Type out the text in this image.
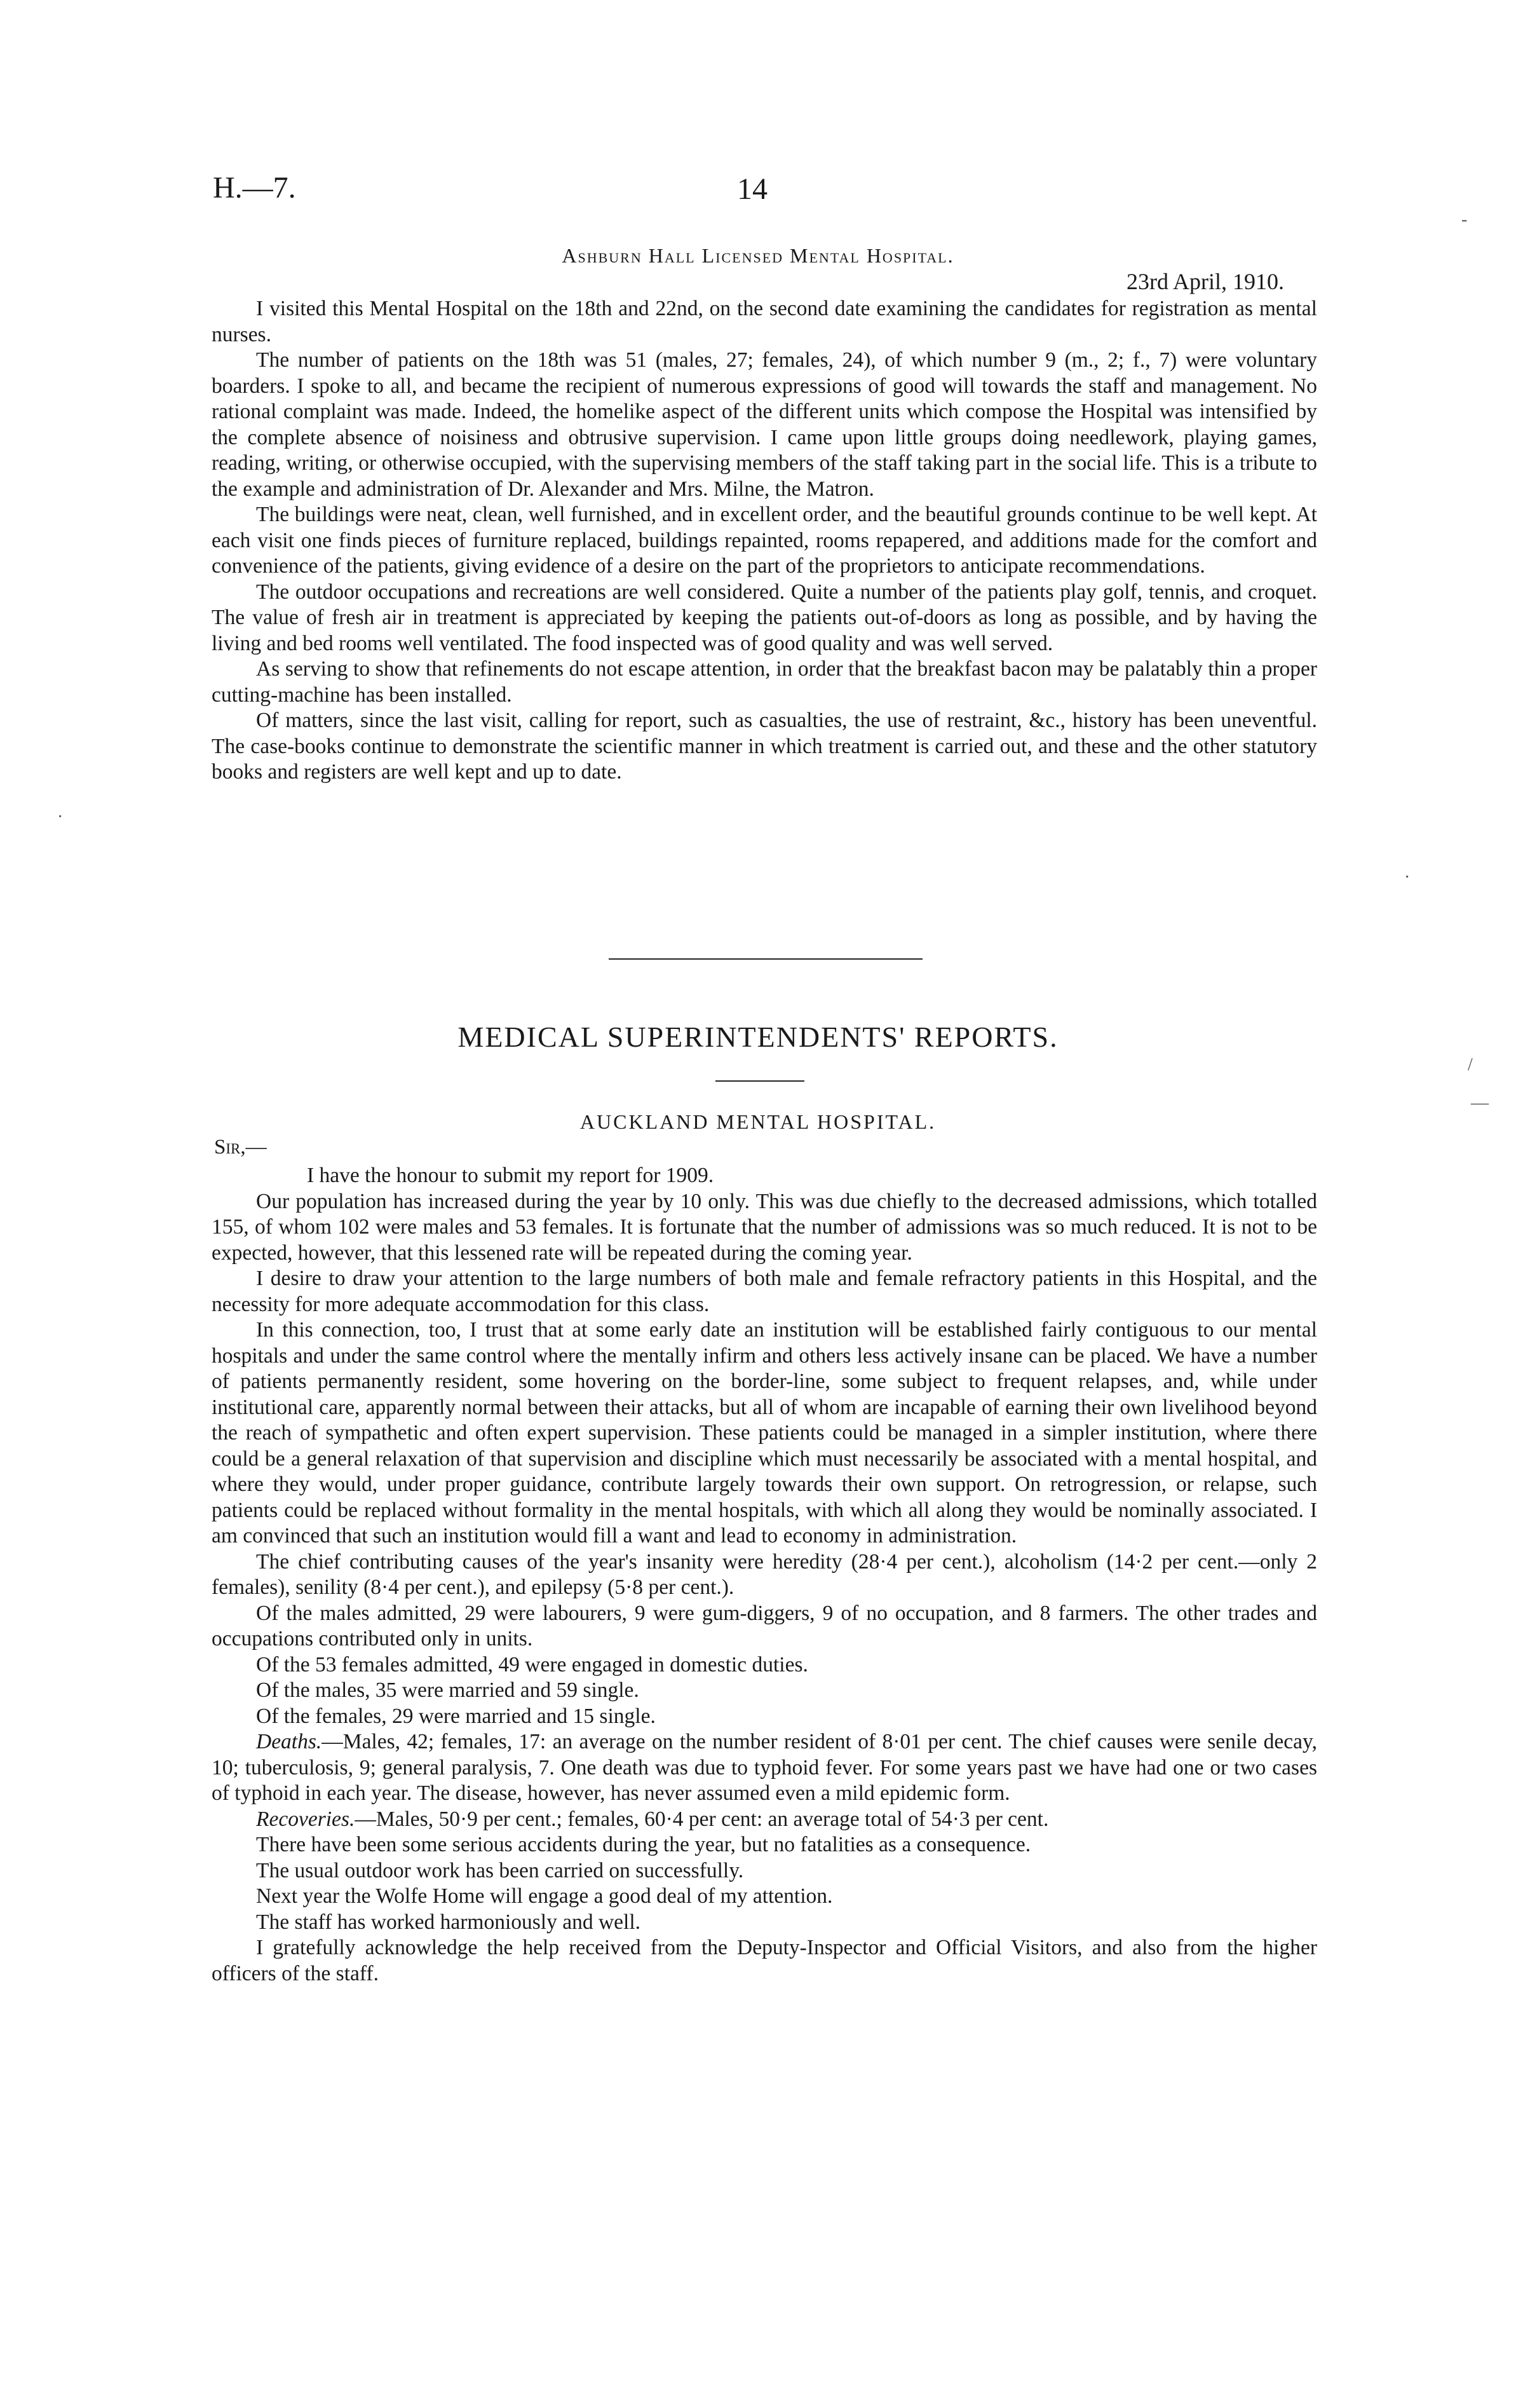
H.—7.	14
Ashburn Hall Licensed Mental Hospital.
23rd April, 1910.

I visited this Mental Hospital on the 18th and 22nd, on the second date examining the candidates for registration as mental nurses.

The number of patients on the 18th was 51 (males, 27; females, 24), of which number 9 (m., 2; f., 7) were voluntary boarders. I spoke to all, and became the recipient of numerous expressions of good will towards the staff and management. No rational complaint was made. Indeed, the homelike aspect of the different units which compose the Hospital was intensified by the complete absence of noisiness and obtrusive supervision. I came upon little groups doing needlework, playing games, reading, writing, or otherwise occupied, with the supervising members of the staff taking part in the social life. This is a tribute to the example and administration of Dr. Alexander and Mrs. Milne, the Matron.

The buildings were neat, clean, well furnished, and in excellent order, and the beautiful grounds continue to be well kept. At each visit one finds pieces of furniture replaced, buildings repainted, rooms repapered, and additions made for the comfort and convenience of the patients, giving evidence of a desire on the part of the proprietors to anticipate recommendations.

The outdoor occupations and recreations are well considered. Quite a number of the patients play golf, tennis, and croquet. The value of fresh air in treatment is appreciated by keeping the patients out-of-doors as long as possible, and by having the living and bed rooms well ventilated. The food inspected was of good quality and was well served.

As serving to show that refinements do not escape attention, in order that the breakfast bacon may be palatably thin a proper cutting-machine has been installed.

Of matters, since the last visit, calling for report, such as casualties, the use of restraint, &c., history has been uneventful. The case-books continue to demonstrate the scientific manner in which treatment is carried out, and these and the other statutory books and registers are well kept and up to date.

MEDICAL SUPERINTENDENTS' REPORTS.
AUCKLAND MENTAL HOSPITAL.
Sir,—

I have the honour to submit my report for 1909.

Our population has increased during the year by 10 only. This was due chiefly to the decreased admissions, which totalled 155, of whom 102 were males and 53 females. It is fortunate that the number of admissions was so much reduced. It is not to be expected, however, that this lessened rate will be repeated during the coming year.

I desire to draw your attention to the large numbers of both male and female refractory patients in this Hospital, and the necessity for more adequate accommodation for this class.

In this connection, too, I trust that at some early date an institution will be established fairly contiguous to our mental hospitals and under the same control where the mentally infirm and others less actively insane can be placed. We have a number of patients permanently resident, some hovering on the border-line, some subject to frequent relapses, and, while under institutional care, apparently normal between their attacks, but all of whom are incapable of earning their own livelihood beyond the reach of sympathetic and often expert supervision. These patients could be managed in a simpler institution, where there could be a general relaxation of that supervision and discipline which must necessarily be associated with a mental hospital, and where they would, under proper guidance, contribute largely towards their own support. On retrogression, or relapse, such patients could be replaced without formality in the mental hospitals, with which all along they would be nominally associated. I am convinced that such an institution would fill a want and lead to economy in administration.

The chief contributing causes of the year's insanity were heredity (28·4 per cent.), alcoholism (14·2 per cent.—only 2 females), senility (8·4 per cent.), and epilepsy (5·8 per cent.).

Of the males admitted, 29 were labourers, 9 were gum-diggers, 9 of no occupation, and 8 farmers. The other trades and occupations contributed only in units.

Of the 53 females admitted, 49 were engaged in domestic duties.

Of the males, 35 were married and 59 single.

Of the females, 29 were married and 15 single.

Deaths.—Males, 42; females, 17: an average on the number resident of 8·01 per cent. The chief causes were senile decay, 10; tuberculosis, 9; general paralysis, 7. One death was due to typhoid fever. For some years past we have had one or two cases of typhoid in each year. The disease, however, has never assumed even a mild epidemic form.

Recoveries.—Males, 50·9 per cent.; females, 60·4 per cent: an average total of 54·3 per cent.

There have been some serious accidents during the year, but no fatalities as a consequence.

The usual outdoor work has been carried on successfully.

Next year the Wolfe Home will engage a good deal of my attention.

The staff has worked harmoniously and well.

I gratefully acknowledge the help received from the Deputy-Inspector and Official Visitors, and also from the higher officers of the staff.

‐
/
—
·
·
